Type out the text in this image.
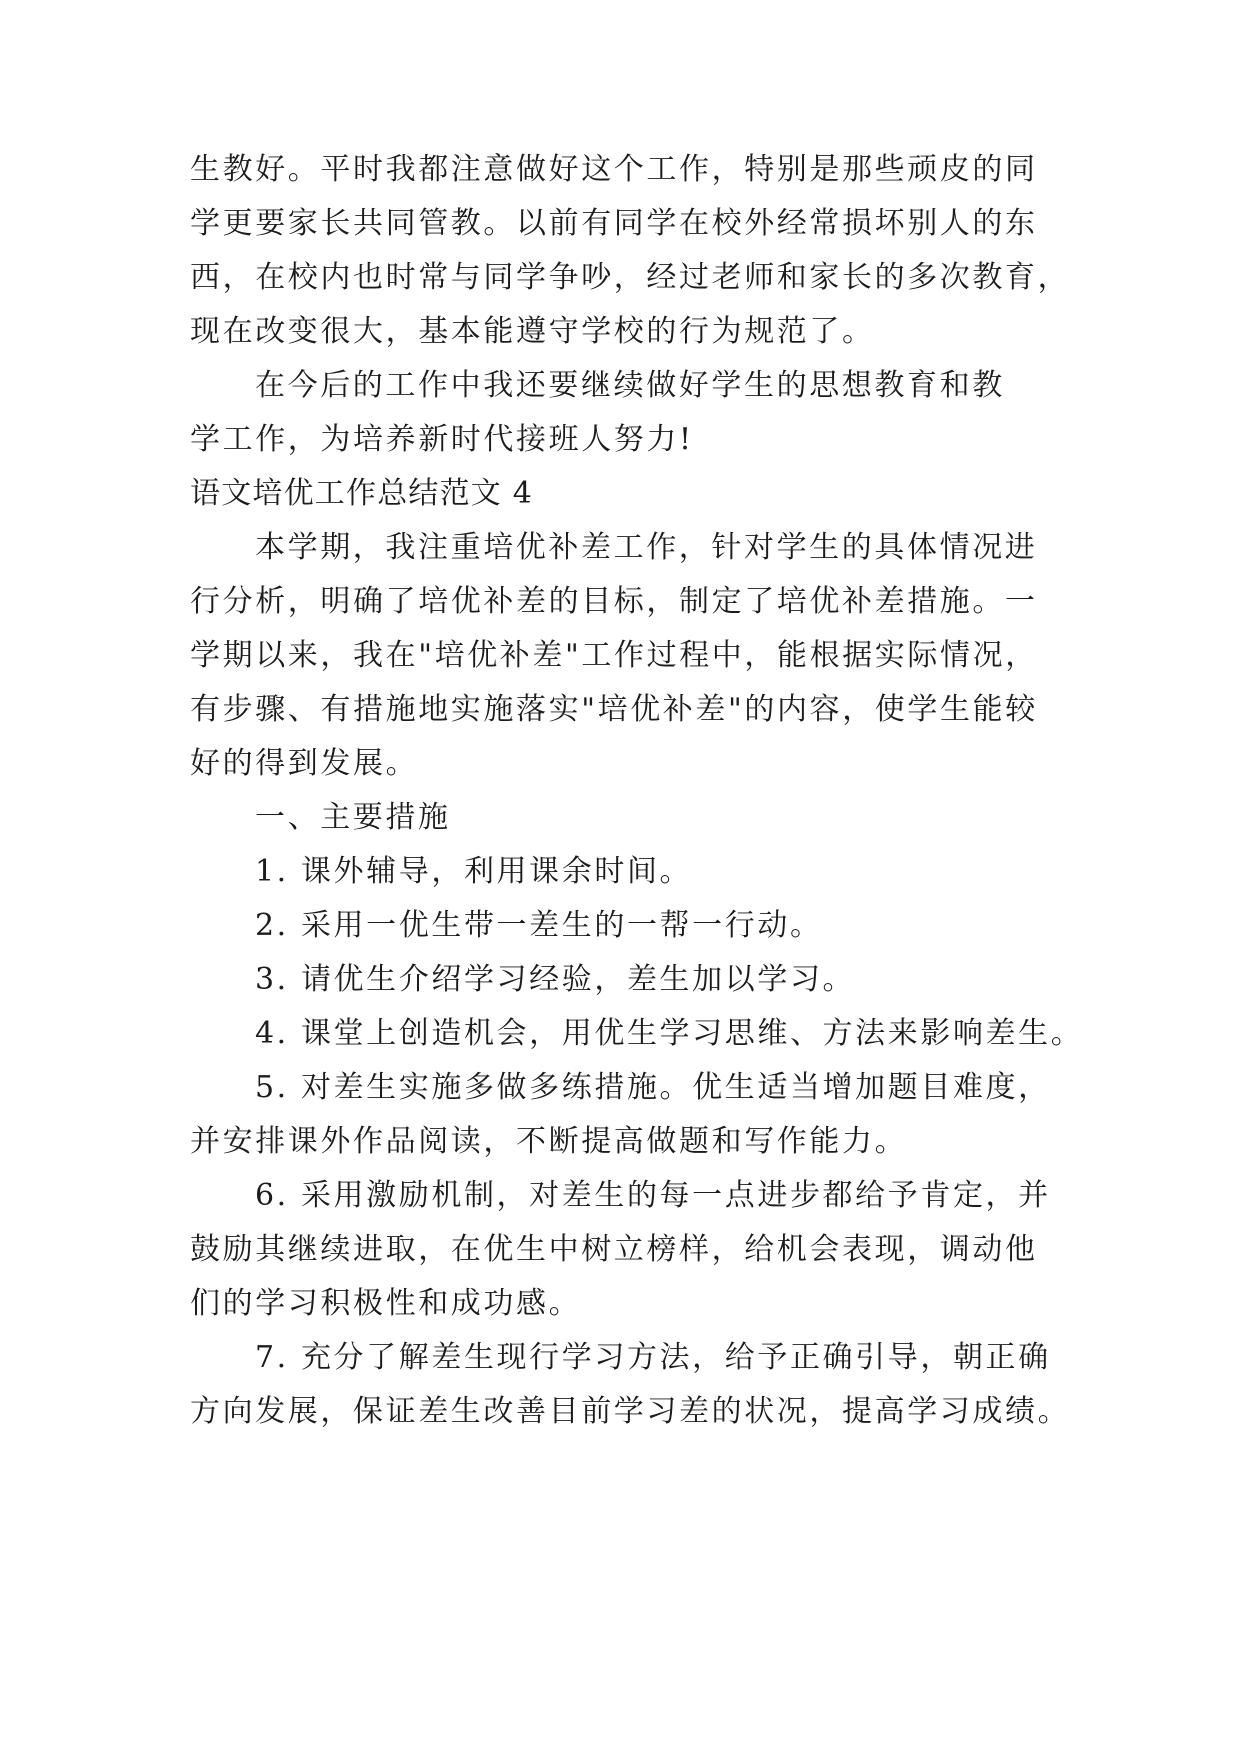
生教好。平时我都注意做好这个工作，特别是那些顽皮的同
学更要家长共同管教。以前有同学在校外经常损坏别人的东
西，在校内也时常与同学争吵，经过老师和家长的多次教育，
现在改变很大，基本能遵守学校的行为规范了。
在今后的工作中我还要继续做好学生的思想教育和教
学工作，为培养新时代接班人努力!
语文培优工作总结范文 4
本学期，我注重培优补差工作，针对学生的具体情况进
行分析，明确了培优补差的目标，制定了培优补差措施。一
学期以来，我在"培优补差"工作过程中，能根据实际情况，
有步骤、有措施地实施落实"培优补差"的内容，使学生能较
好的得到发展。
一、主要措施
1. 课外辅导，利用课余时间。
2. 采用一优生带一差生的一帮一行动。
3. 请优生介绍学习经验，差生加以学习。
4. 课堂上创造机会，用优生学习思维、方法来影响差生。
5. 对差生实施多做多练措施。优生适当增加题目难度，
并安排课外作品阅读，不断提高做题和写作能力。
6. 采用激励机制，对差生的每一点进步都给予肯定，并
鼓励其继续进取，在优生中树立榜样，给机会表现，调动他
们的学习积极性和成功感。
7. 充分了解差生现行学习方法，给予正确引导，朝正确
方向发展，保证差生改善目前学习差的状况，提高学习成绩。
